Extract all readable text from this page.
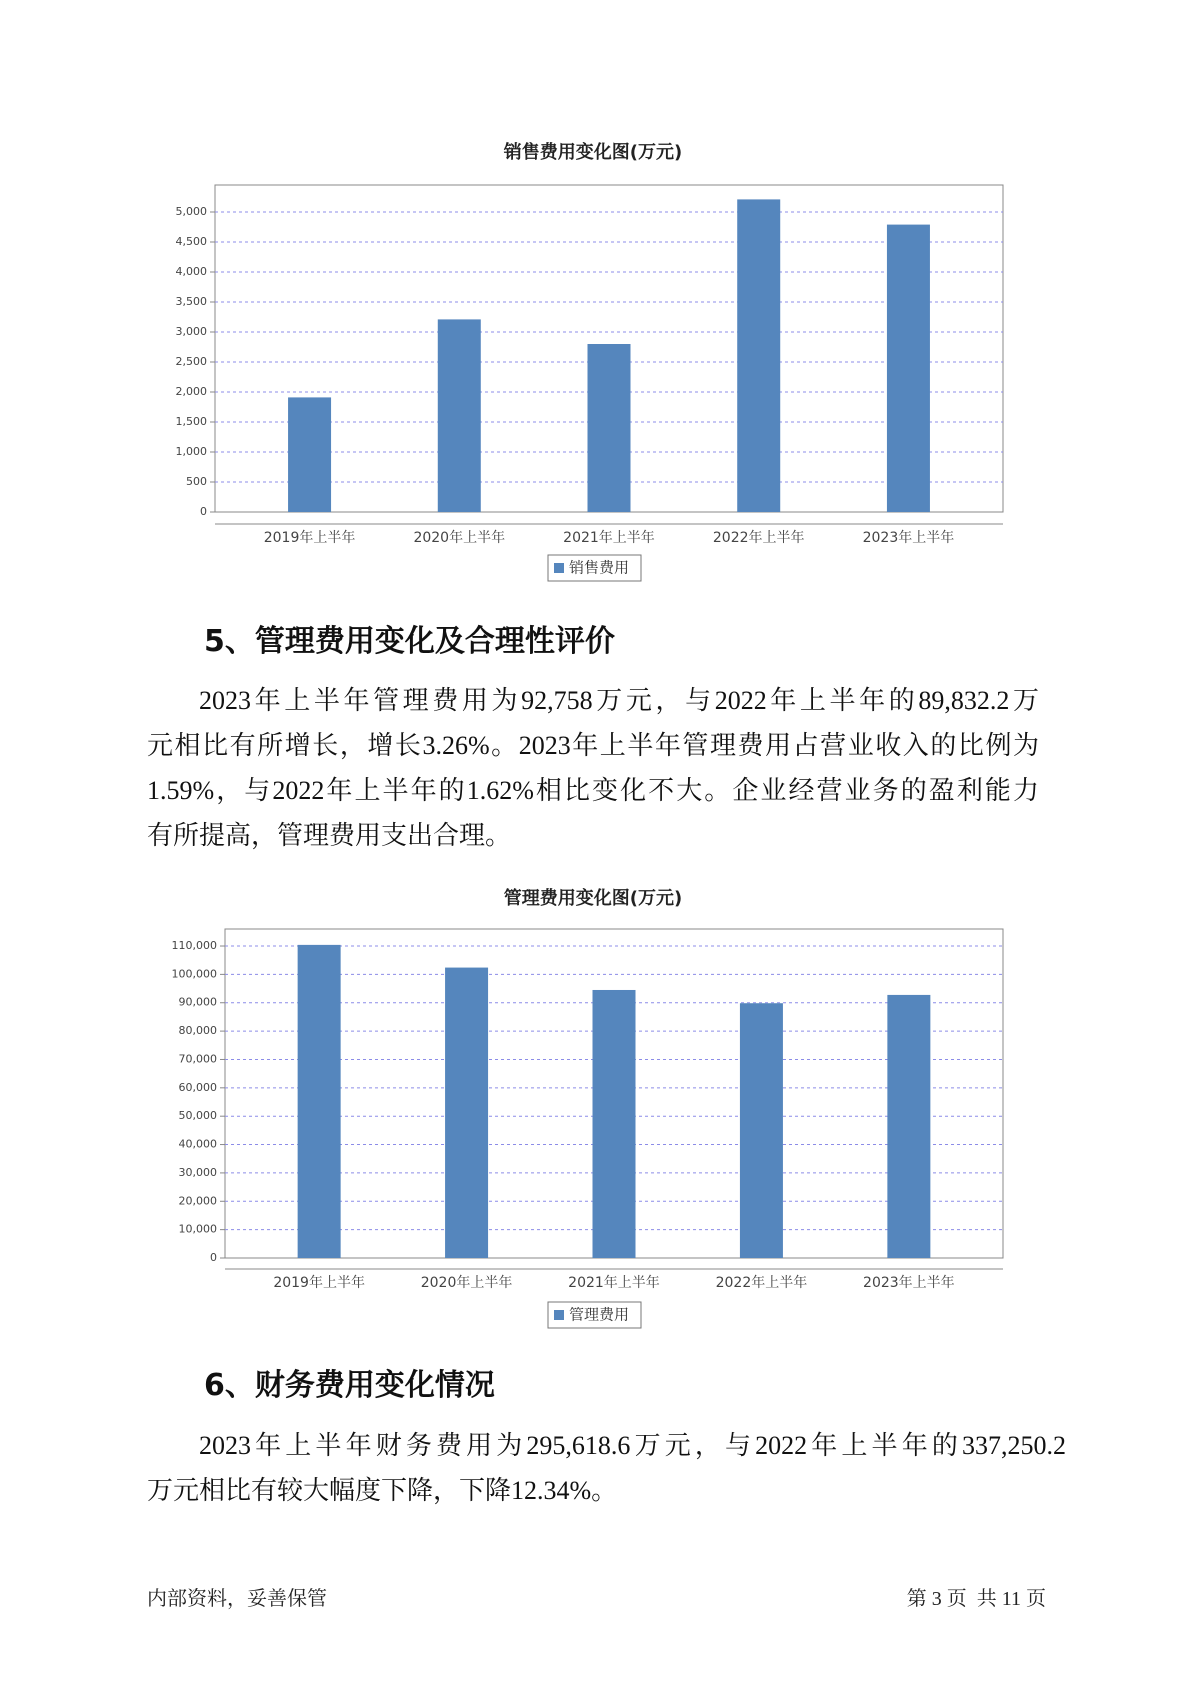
销售费用变化图(万元)
0
500
1,000
1,500
2,000
2,500
3,000
3,500
4,000
4,500
5,000
2019年上半年	2020年上半年	2021年上半年	2022年上半年	2023年上半年
销售费用
管理费用变化图(万元)
0
10,000
20,000
30,000
40,000
50,000
60,000
70,000
80,000
90,000
100,000
110,000
2019年上半年	2020年上半年	2021年上半年	2022年上半年	2023年上半年
管理费用
5、管理费用变化及合理性评价
2023年上半年管理费用为92,758万元，与2022年上半年的89,832.2万
元相比有所增长，增长3.26%。2023年上半年管理费用占营业收入的比例为
1.59%，与2022年上半年的1.62%相比变化不大。企业经营业务的盈利能力
有所提高，管理费用支出合理。
6、财务费用变化情况
2023年上半年财务费用为295,618.6万元，与2022年上半年的337,250.2
万元相比有较大幅度下降，下降12.34%。
内部资料，妥善保管	第 3 页  共 11 页
